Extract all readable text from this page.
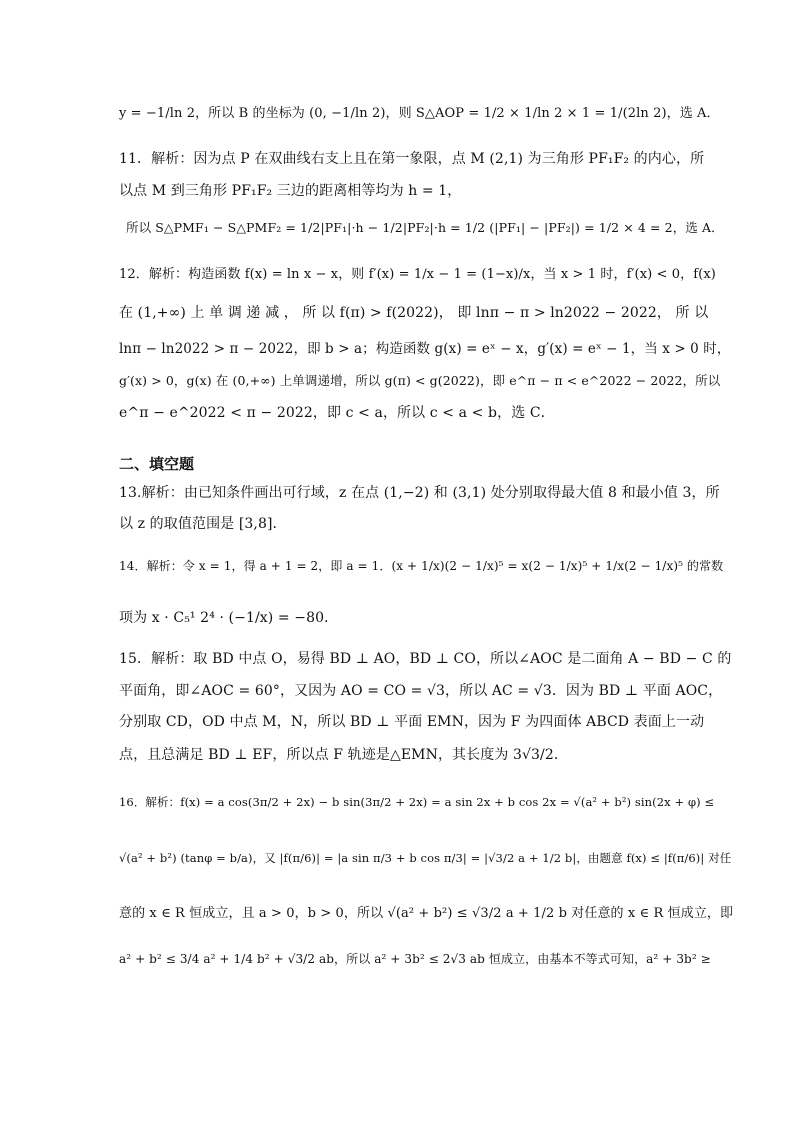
y = −1/ln 2，所以 B 的坐标为 (0, −1/ln 2)，则 S△AOP = 1/2 × 1/ln 2 × 1 = 1/(2ln 2)，选 A．
11．解析：因为点 P 在双曲线右支上且在第一象限，点 M (2,1) 为三角形 PF₁F₂ 的内心，所
以点 M 到三角形 PF₁F₂ 三边的距离相等均为 h = 1，
所以 S△PMF₁ − S△PMF₂ = 1/2|PF₁|·h − 1/2|PF₂|·h = 1/2 (|PF₁| − |PF₂|) = 1/2 × 4 = 2，选 A．
12．解析：构造函数 f(x) = ln x − x，则 f′(x) = 1/x − 1 = (1−x)/x，当 x > 1 时，f′(x) < 0，f(x)
在 (1,+∞) 上 单 调 递 减 ， 所 以 f(π) > f(2022)， 即 lnπ − π > ln2022 − 2022， 所 以
lnπ − ln2022 > π − 2022，即 b > a；构造函数 g(x) = eˣ − x，g′(x) = eˣ − 1，当 x > 0 时，
g′(x) > 0，g(x) 在 (0,+∞) 上单调递增，所以 g(π) < g(2022)，即 e^π − π < e^2022 − 2022，所以
e^π − e^2022 < π − 2022，即 c < a，所以 c < a < b，选 C．
二、填空题
13.解析：由已知条件画出可行域，z 在点 (1,−2) 和 (3,1) 处分别取得最大值 8 和最小值 3，所
以 z 的取值范围是 [3,8]．
14．解析：令 x = 1，得 a + 1 = 2，即 a = 1．(x + 1/x)(2 − 1/x)⁵ = x(2 − 1/x)⁵ + 1/x(2 − 1/x)⁵ 的常数
项为 x · C₅¹ 2⁴ · (−1/x) = −80．
15．解析：取 BD 中点 O，易得 BD ⊥ AO，BD ⊥ CO，所以∠AOC 是二面角 A − BD − C 的
平面角，即∠AOC = 60°，又因为 AO = CO = √3，所以 AC = √3．因为 BD ⊥ 平面 AOC，
分别取 CD，OD 中点 M，N，所以 BD ⊥ 平面 EMN，因为 F 为四面体 ABCD 表面上一动
点，且总满足 BD ⊥ EF，所以点 F 轨迹是△EMN，其长度为 3√3/2．
16．解析：f(x) = a cos(3π/2 + 2x) − b sin(3π/2 + 2x) = a sin 2x + b cos 2x = √(a² + b²) sin(2x + φ) ≤
√(a² + b²) (tanφ = b/a)，又 |f(π/6)| = |a sin π/3 + b cos π/3| = |√3/2 a + 1/2 b|，由题意 f(x) ≤ |f(π/6)| 对任
意的 x ∈ R 恒成立，且 a > 0，b > 0，所以 √(a² + b²) ≤ √3/2 a + 1/2 b 对任意的 x ∈ R 恒成立，即
a² + b² ≤ 3/4 a² + 1/4 b² + √3/2 ab，所以 a² + 3b² ≤ 2√3 ab 恒成立，由基本不等式可知，a² + 3b² ≥
